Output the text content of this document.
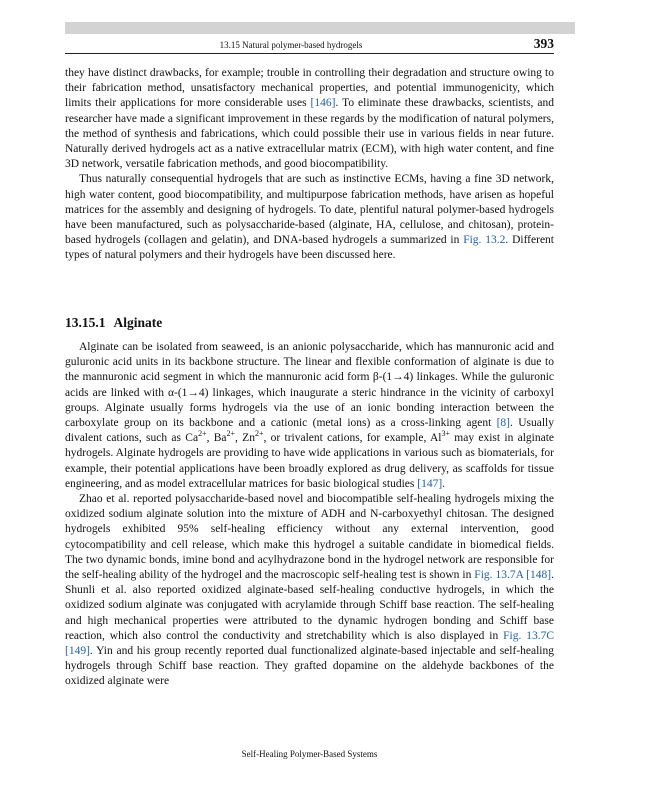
13.15 Natural polymer-based hydrogels	393

they have distinct drawbacks, for example; trouble in controlling their degradation and structure owing to their fabrication method, unsatisfactory mechanical properties, and potential immunogenicity, which limits their applications for more considerable uses [146]. To eliminate these drawbacks, scientists, and researcher have made a significant improvement in these regards by the modification of natural polymers, the method of synthesis and fabrications, which could possible their use in various fields in near future. Naturally derived hydrogels act as a native extracellular matrix (ECM), with high water content, and fine 3D network, versatile fabrication methods, and good biocompatibility.

Thus naturally consequential hydrogels that are such as instinctive ECMs, having a fine 3D network, high water content, good biocompatibility, and multipurpose fabrication methods, have arisen as hopeful matrices for the assembly and designing of hydrogels. To date, plentiful natural polymer-based hydrogels have been manufactured, such as polysaccharide-based (alginate, HA, cellulose, and chitosan), protein-based hydrogels (collagen and gelatin), and DNA-based hydrogels a summarized in Fig. 13.2. Different types of natural polymers and their hydrogels have been discussed here.

13.15.1 Alginate

Alginate can be isolated from seaweed, is an anionic polysaccharide, which has mannuronic acid and guluronic acid units in its backbone structure. The linear and flexible conformation of alginate is due to the mannuronic acid segment in which the mannuronic acid form β-(1→4) linkages. While the guluronic acids are linked with α-(1→4) linkages, which inaugurate a steric hindrance in the vicinity of carboxyl groups. Alginate usually forms hydrogels via the use of an ionic bonding interaction between the carboxylate group on its backbone and a cationic (metal ions) as a cross-linking agent [8]. Usually divalent cations, such as $Ca^{2+}$, $Ba^{2+}$, $Zn^{2+}$, or trivalent cations, for example, $Al^{3+}$ may exist in alginate hydrogels. Alginate hydrogels are providing to have wide applications in various such as biomaterials, for example, their potential applications have been broadly explored as drug delivery, as scaffolds for tissue engineering, and as model extracellular matrices for basic biological studies [147].

Zhao et al. reported polysaccharide-based novel and biocompatible self-healing hydrogels mixing the oxidized sodium alginate solution into the mixture of ADH and N-carboxyethyl chitosan. The designed hydrogels exhibited 95% self-healing efficiency without any external intervention, good cytocompatibility and cell release, which make this hydrogel a suitable candidate in biomedical fields. The two dynamic bonds, imine bond and acylhydrazone bond in the hydrogel network are responsible for the self-healing ability of the hydrogel and the macroscopic self-healing test is shown in Fig. 13.7A [148]. Shunli et al. also reported oxidized alginate-based self-healing conductive hydrogels, in which the oxidized sodium alginate was conjugated with acrylamide through Schiff base reaction. The self-healing and high mechanical properties were attributed to the dynamic hydrogen bonding and Schiff base reaction, which also control the conductivity and stretchability which is also displayed in Fig. 13.7C [149]. Yin and his group recently reported dual functionalized alginate-based injectable and self-healing hydrogels through Schiff base reaction. They grafted dopamine on the aldehyde backbones of the oxidized alginate were

Self-Healing Polymer-Based Systems
